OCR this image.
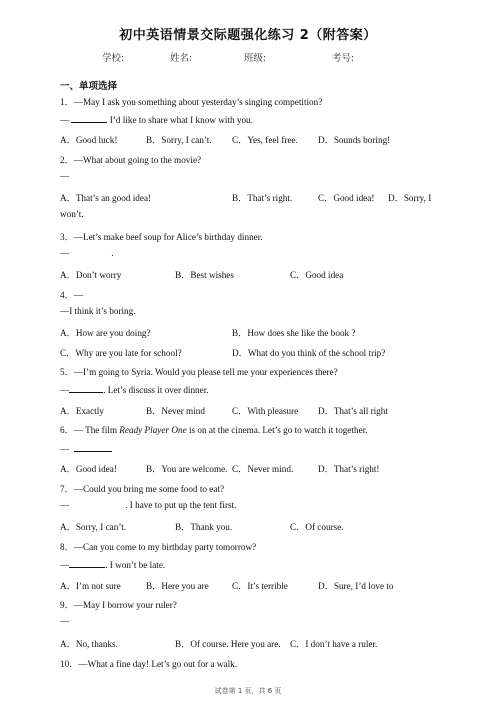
初中英语情景交际题强化练习 2（附答案）
学校:	姓名:	班级:	考号:
一、单项选择
1．—May I ask you something about yesterday’s singing competition?
—	I’d like to share what I know with you.
A．Good luck!	B．Sorry, I can’t. C．Yes, feel free. D．Sounds boring!
2．—What about going to the movie?
—
A．That’s an good idea!	B．That’s right.	C．Good idea! D．Sorry, I
won’t.
3．—Let’s make beef soup for Alice’s birthday dinner.
—	.
A．Don’t worry	B．Best wishes	C．Good idea
4．—
—I think it’s boring.
A．How are you doing?	B．How does she like the book ?
C．Why are you late for school?	D．What do you think of the school trip?
5．—I’m going to Syria. Would you please tell me your experiences there?
—	. Let’s discuss it over dinner.
A．Exactly	B．Never mind	C．With pleasure D．That’s all right
6．— The film Ready Player One is on at the cinema. Let’s go to watch it together.
—
A．Good idea!	B．You are welcome. C．Never mind.	D．That’s right!
7．—Could you bring me some food to eat?
—	. I have to put up the tent first.
A．Sorry, I can’t.	B．Thank you.	C．Of course.
8．—Can you come to my birthday party tomorrow?
—	. I won’t be late.
A．I’m not sure	B．Here you are	C．It’s terrible	D．Sure, I’d love to
9．—May I borrow your ruler?
—
A．No, thanks.	B．Of course. Here you are. C．I don’t have a ruler.
10．—What a fine day! Let’s go out for a walk.
试卷第 1 页，共 6 页
